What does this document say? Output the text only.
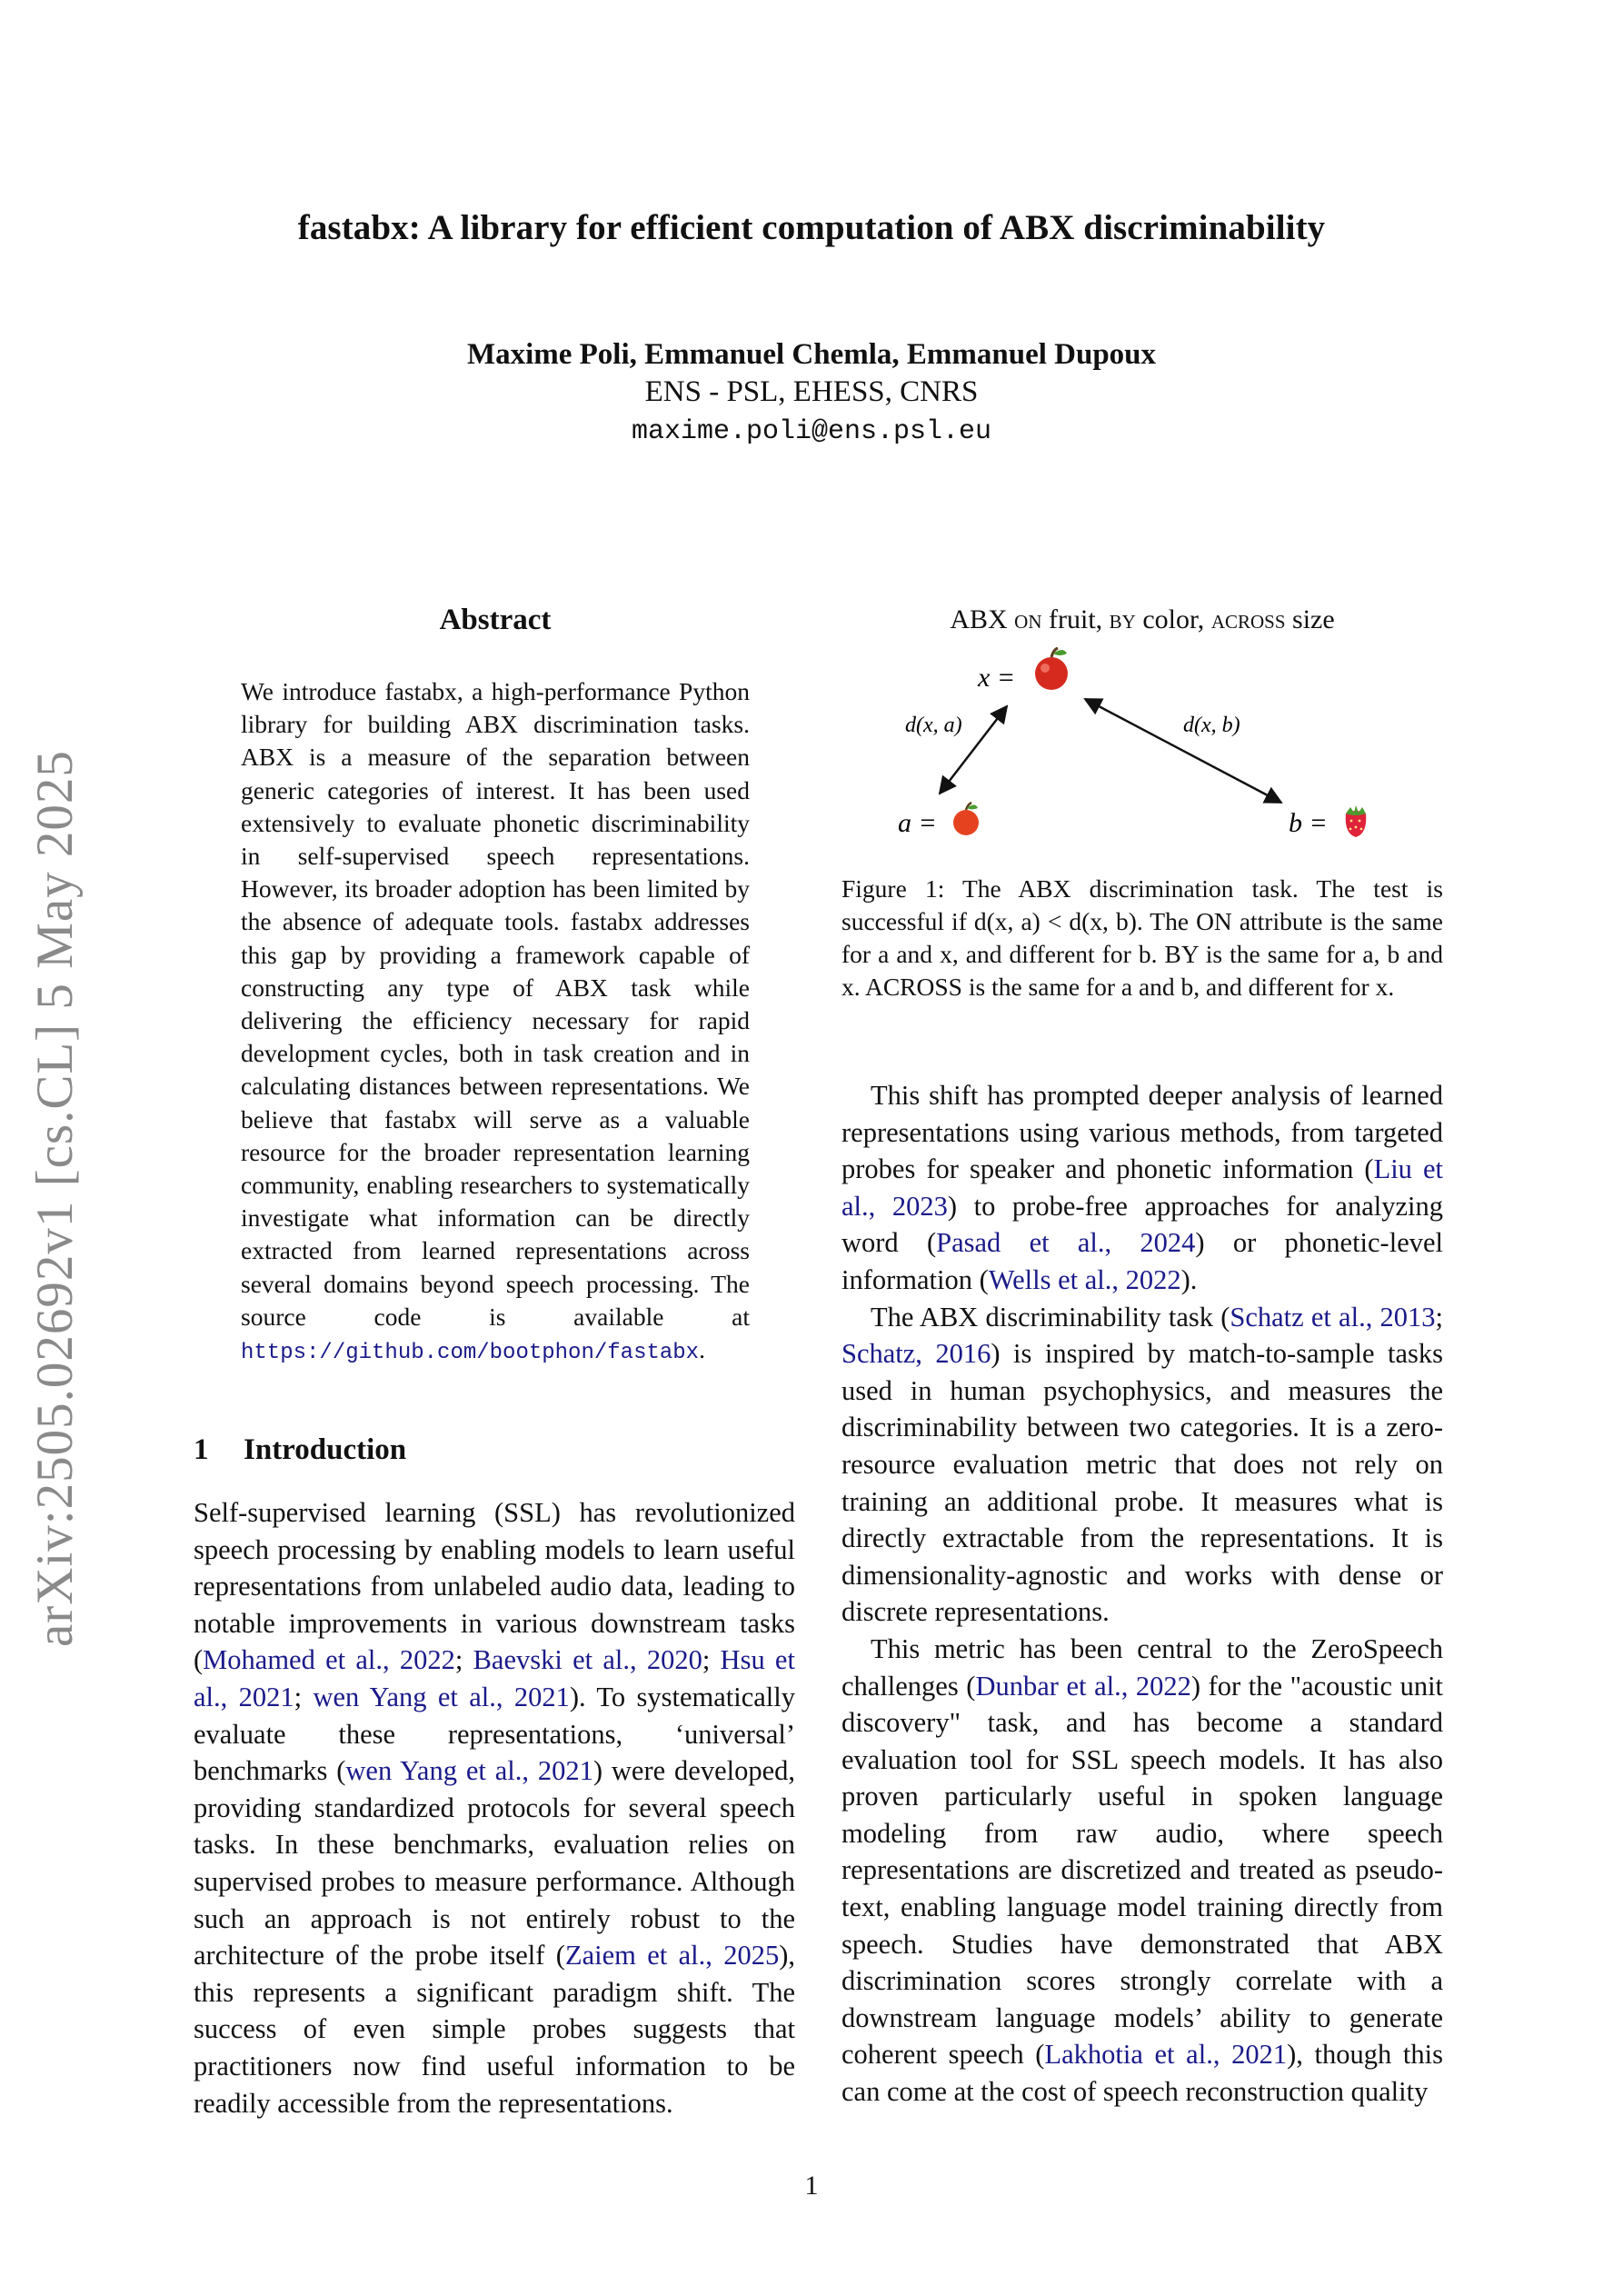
fastabx: A library for efficient computation of ABX discriminability
Maxime Poli, Emmanuel Chemla, Emmanuel Dupoux
ENS - PSL, EHESS, CNRS
maxime.poli@ens.psl.eu
arXiv:2505.02692v1 [cs.CL] 5 May 2025
Abstract
We introduce fastabx, a high-performance Python library for building ABX discrimination tasks. ABX is a measure of the separation between generic categories of interest. It has been used extensively to evaluate phonetic discriminability in self-supervised speech representations. However, its broader adoption has been limited by the absence of adequate tools. fastabx addresses this gap by providing a framework capable of constructing any type of ABX task while delivering the efficiency necessary for rapid development cycles, both in task creation and in calculating distances between representations. We believe that fastabx will serve as a valuable resource for the broader representation learning community, enabling researchers to systematically investigate what information can be directly extracted from learned representations across several domains beyond speech processing. The source code is available at https://github.com/bootphon/fastabx.
1 Introduction

Self-supervised learning (SSL) has revolutionized speech processing by enabling models to learn useful representations from unlabeled audio data, leading to notable improvements in various downstream tasks (Mohamed et al., 2022; Baevski et al., 2020; Hsu et al., 2021; wen Yang et al., 2021). To systematically evaluate these representations, ‘universal’ benchmarks (wen Yang et al., 2021) were developed, providing standardized protocols for several speech tasks. In these benchmarks, evaluation relies on supervised probes to measure performance. Although such an approach is not entirely robust to the architecture of the probe itself (Zaiem et al., 2025), this represents a significant paradigm shift. The success of even simple probes suggests that practitioners now find useful information to be readily accessible from the representations.

ABX on fruit, by color, across size
x =
a =	b =
d(x, a)	d(x, b)
Figure 1: The ABX discrimination task. The test is successful if d(x, a) < d(x, b). The ON attribute is the same for a and x, and different for b. BY is the same for a, b and x. ACROSS is the same for a and b, and different for x.

This shift has prompted deeper analysis of learned representations using various methods, from targeted probes for speaker and phonetic information (Liu et al., 2023) to probe-free approaches for analyzing word (Pasad et al., 2024) or phonetic-level information (Wells et al., 2022).

The ABX discriminability task (Schatz et al., 2013; Schatz, 2016) is inspired by match-to-sample tasks used in human psychophysics, and measures the discriminability between two categories. It is a zero-resource evaluation metric that does not rely on training an additional probe. It measures what is directly extractable from the representations. It is dimensionality-agnostic and works with dense or discrete representations.

This metric has been central to the ZeroSpeech challenges (Dunbar et al., 2022) for the "acoustic unit discovery" task, and has become a standard evaluation tool for SSL speech models. It has also proven particularly useful in spoken language modeling from raw audio, where speech representations are discretized and treated as pseudo-text, enabling language model training directly from speech. Studies have demonstrated that ABX discrimination scores strongly correlate with a downstream language models’ ability to generate coherent speech (Lakhotia et al., 2021), though this can come at the cost of speech reconstruction quality

1
